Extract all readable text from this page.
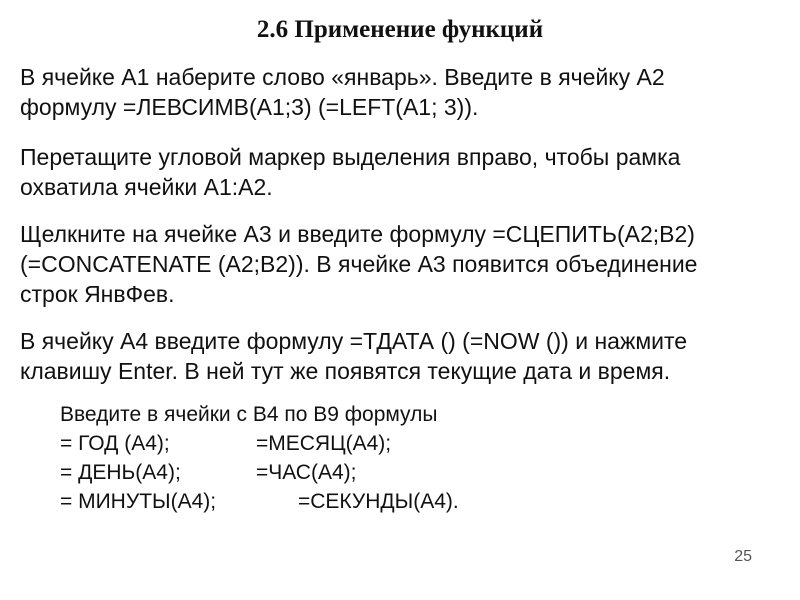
2.6 Применение функций
В ячейке А1 наберите слово «январь». Введите в ячейку А2
формулу =ЛЕВСИМВ(A1;3) (=LEFT(A1; 3)).
Перетащите угловой маркер выделения вправо, чтобы рамка
охватила ячейки А1:А2.
Щелкните на ячейке А3 и введите формулу =СЦЕПИТЬ(A2;B2)
(=CONCATENATE (A2;B2)). В ячейке А3 появится объединение
строк ЯнвФев.
В ячейку А4 введите формулу =ТДАТА () (=NOW ()) и нажмите
клавишу Enter. В ней тут же появятся текущие дата и время.
Введите в ячейки с B4 по B9 формулы
= ГОД (A4);	=МЕСЯЦ(A4);
= ДЕНЬ(A4);	=ЧАС(A4);
= МИНУТЫ(A4);	=СЕКУНДЫ(A4).
25
